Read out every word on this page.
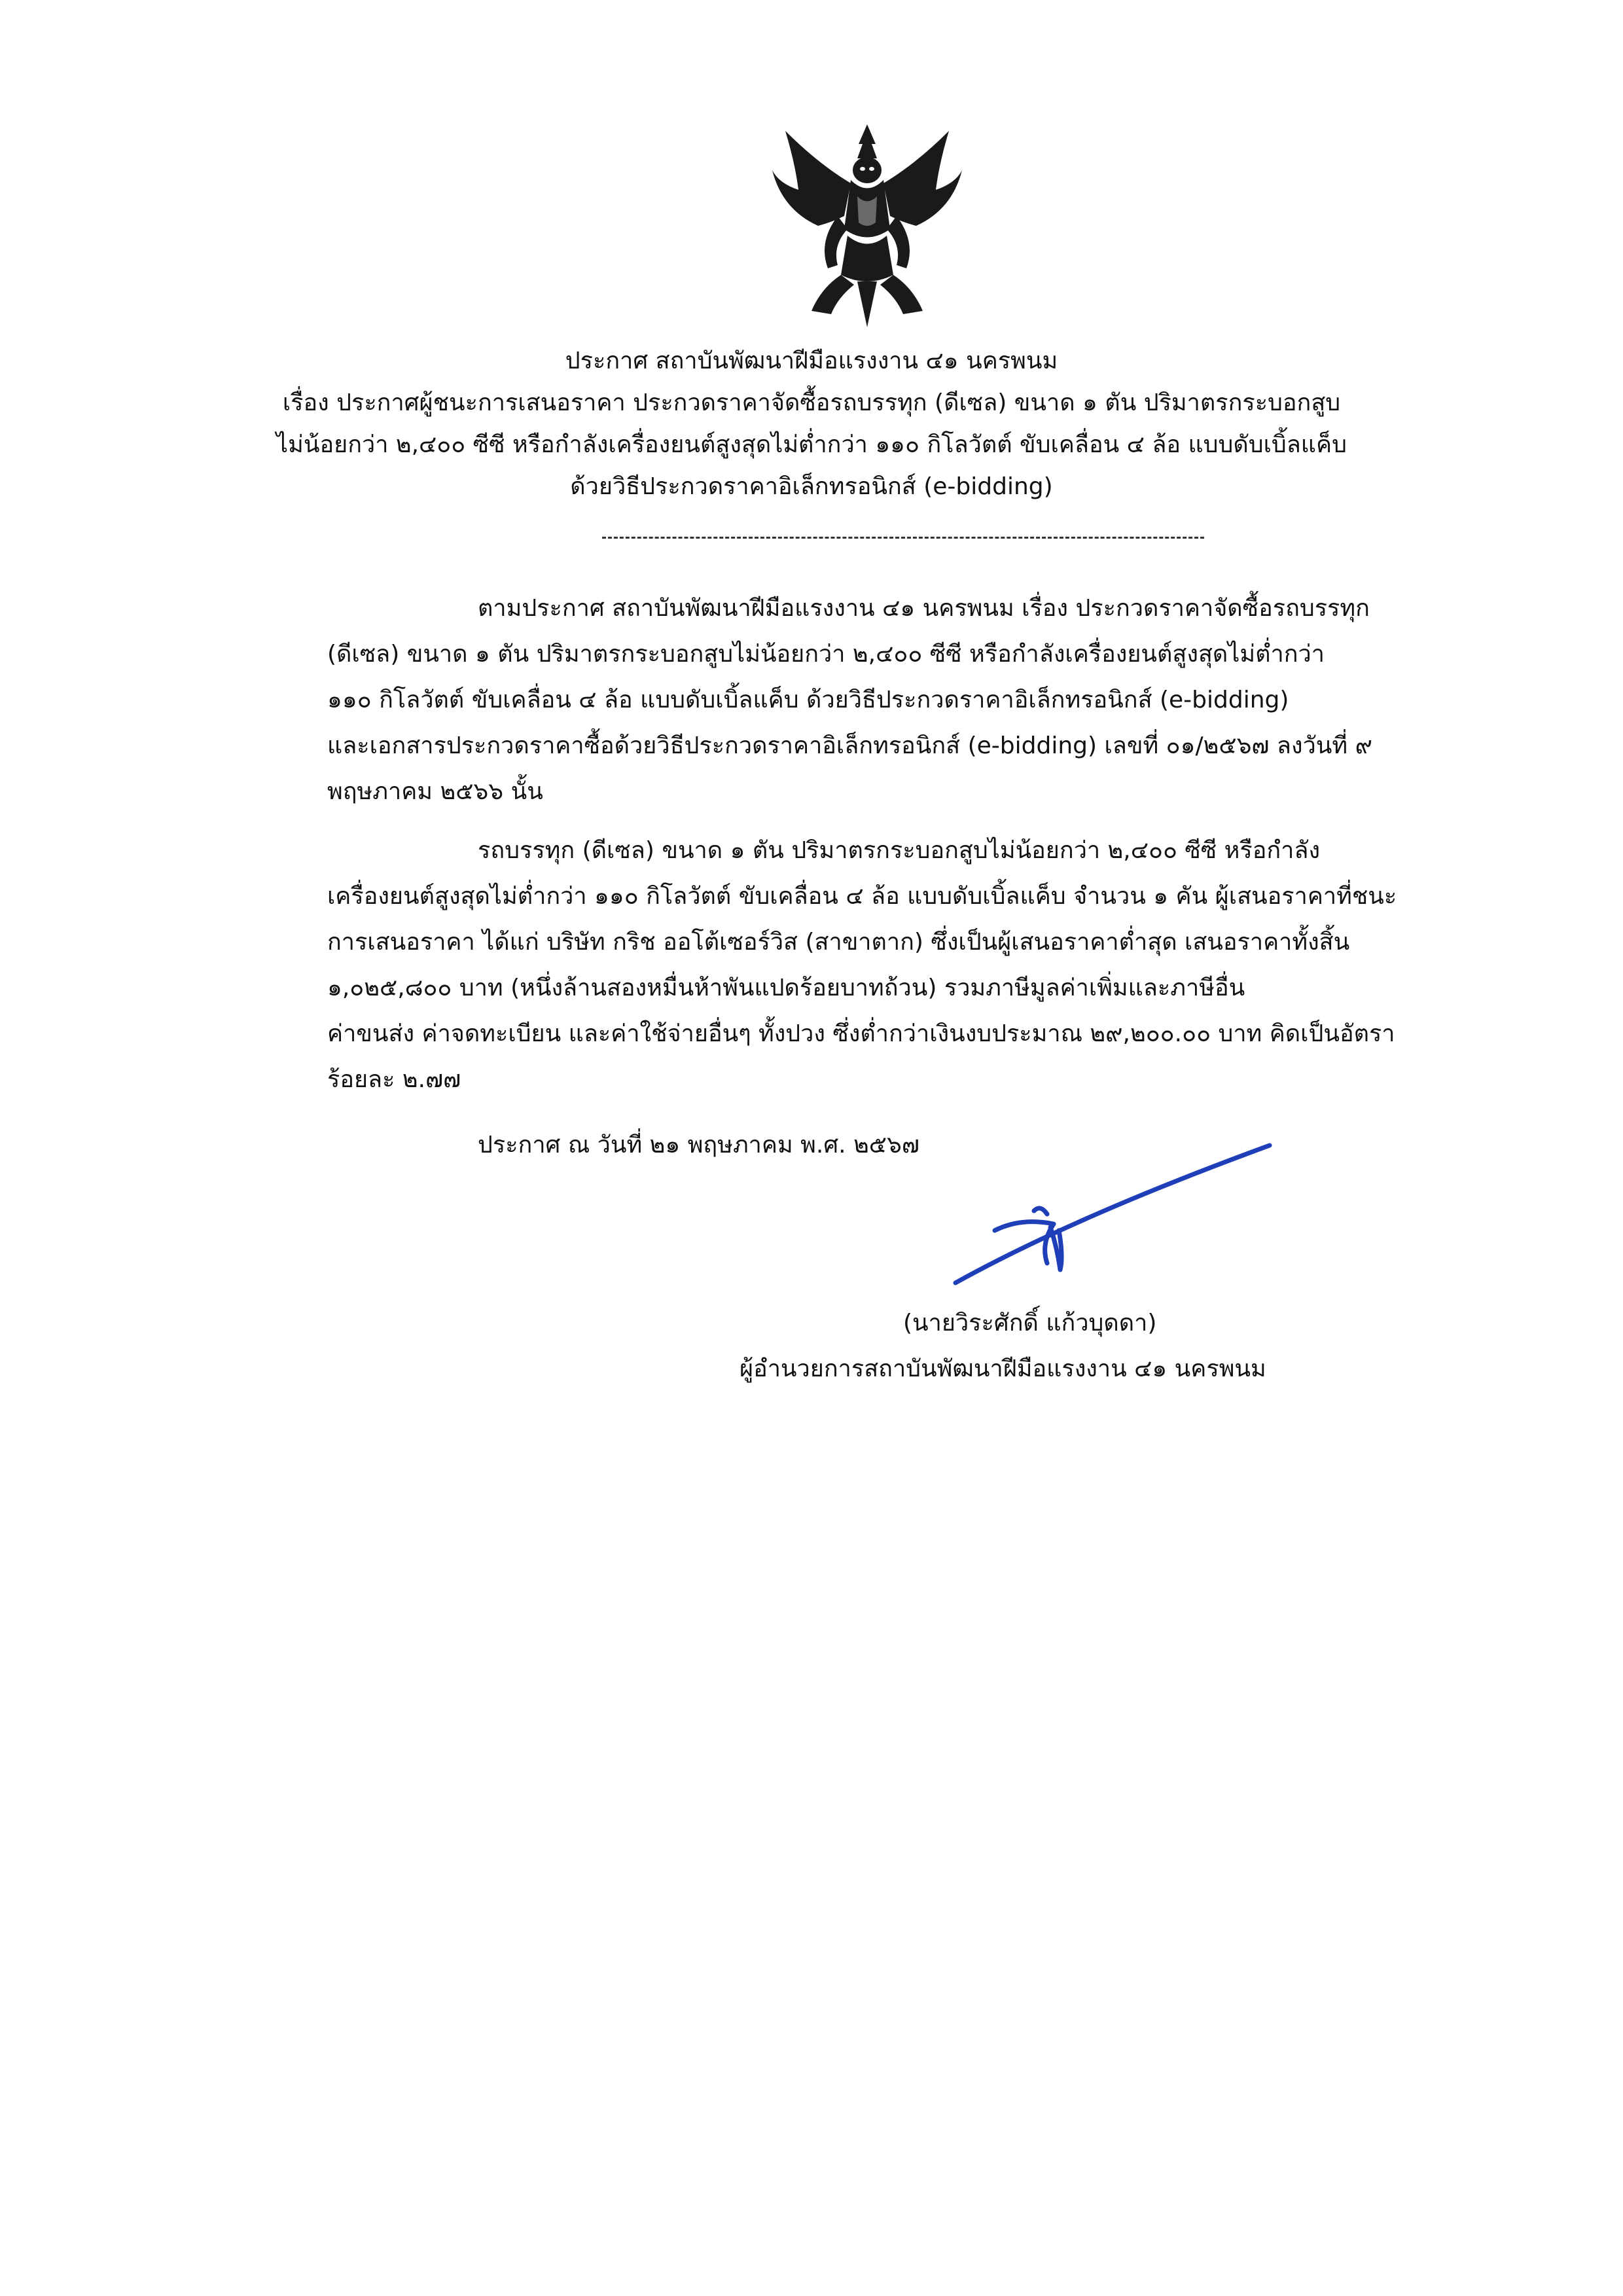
ประกาศ สถาบันพัฒนาฝีมือแรงงาน ๔๑ นครพนม
เรื่อง ประกาศผู้ชนะการเสนอราคา ประกวดราคาจัดซื้อรถบรรทุก (ดีเซล) ขนาด ๑ ตัน ปริมาตรกระบอกสูบ
ไม่น้อยกว่า ๒,๔๐๐ ซีซี หรือกำลังเครื่องยนต์สูงสุดไม่ต่ำกว่า ๑๑๐ กิโลวัตต์ ขับเคลื่อน ๔ ล้อ แบบดับเบิ้ลแค็บ
ด้วยวิธีประกวดราคาอิเล็กทรอนิกส์ (e-bidding)
ตามประกาศ สถาบันพัฒนาฝีมือแรงงาน ๔๑ นครพนม เรื่อง ประกวดราคาจัดซื้อรถบรรทุก
(ดีเซล) ขนาด ๑ ตัน ปริมาตรกระบอกสูบไม่น้อยกว่า ๒,๔๐๐ ซีซี หรือกำลังเครื่องยนต์สูงสุดไม่ต่ำกว่า
๑๑๐ กิโลวัตต์ ขับเคลื่อน ๔ ล้อ แบบดับเบิ้ลแค็บ ด้วยวิธีประกวดราคาอิเล็กทรอนิกส์ (e-bidding)
และเอกสารประกวดราคาซื้อด้วยวิธีประกวดราคาอิเล็กทรอนิกส์ (e-bidding) เลขที่ ๐๑/๒๕๖๗ ลงวันที่ ๙
พฤษภาคม ๒๕๖๖ นั้น
รถบรรทุก (ดีเซล) ขนาด ๑ ตัน ปริมาตรกระบอกสูบไม่น้อยกว่า ๒,๔๐๐ ซีซี หรือกำลัง
เครื่องยนต์สูงสุดไม่ต่ำกว่า ๑๑๐ กิโลวัตต์ ขับเคลื่อน ๔ ล้อ แบบดับเบิ้ลแค็บ จำนวน ๑ คัน ผู้เสนอราคาที่ชนะ
การเสนอราคา ได้แก่ บริษัท กริช ออโต้เซอร์วิส (สาขาตาก) ซึ่งเป็นผู้เสนอราคาต่ำสุด เสนอราคาทั้งสิ้น
๑,๐๒๕,๘๐๐ บาท (หนึ่งล้านสองหมื่นห้าพันแปดร้อยบาทถ้วน) รวมภาษีมูลค่าเพิ่มและภาษีอื่น
ค่าขนส่ง ค่าจดทะเบียน และค่าใช้จ่ายอื่นๆ ทั้งปวง ซึ่งต่ำกว่าเงินงบประมาณ ๒๙,๒๐๐.๐๐ บาท คิดเป็นอัตรา
ร้อยละ ๒.๗๗
ประกาศ ณ วันที่ ๒๑ พฤษภาคม พ.ศ. ๒๕๖๗
(นายวิระศักดิ์ แก้วบุดดา)
ผู้อำนวยการสถาบันพัฒนาฝีมือแรงงาน ๔๑ นครพนม
